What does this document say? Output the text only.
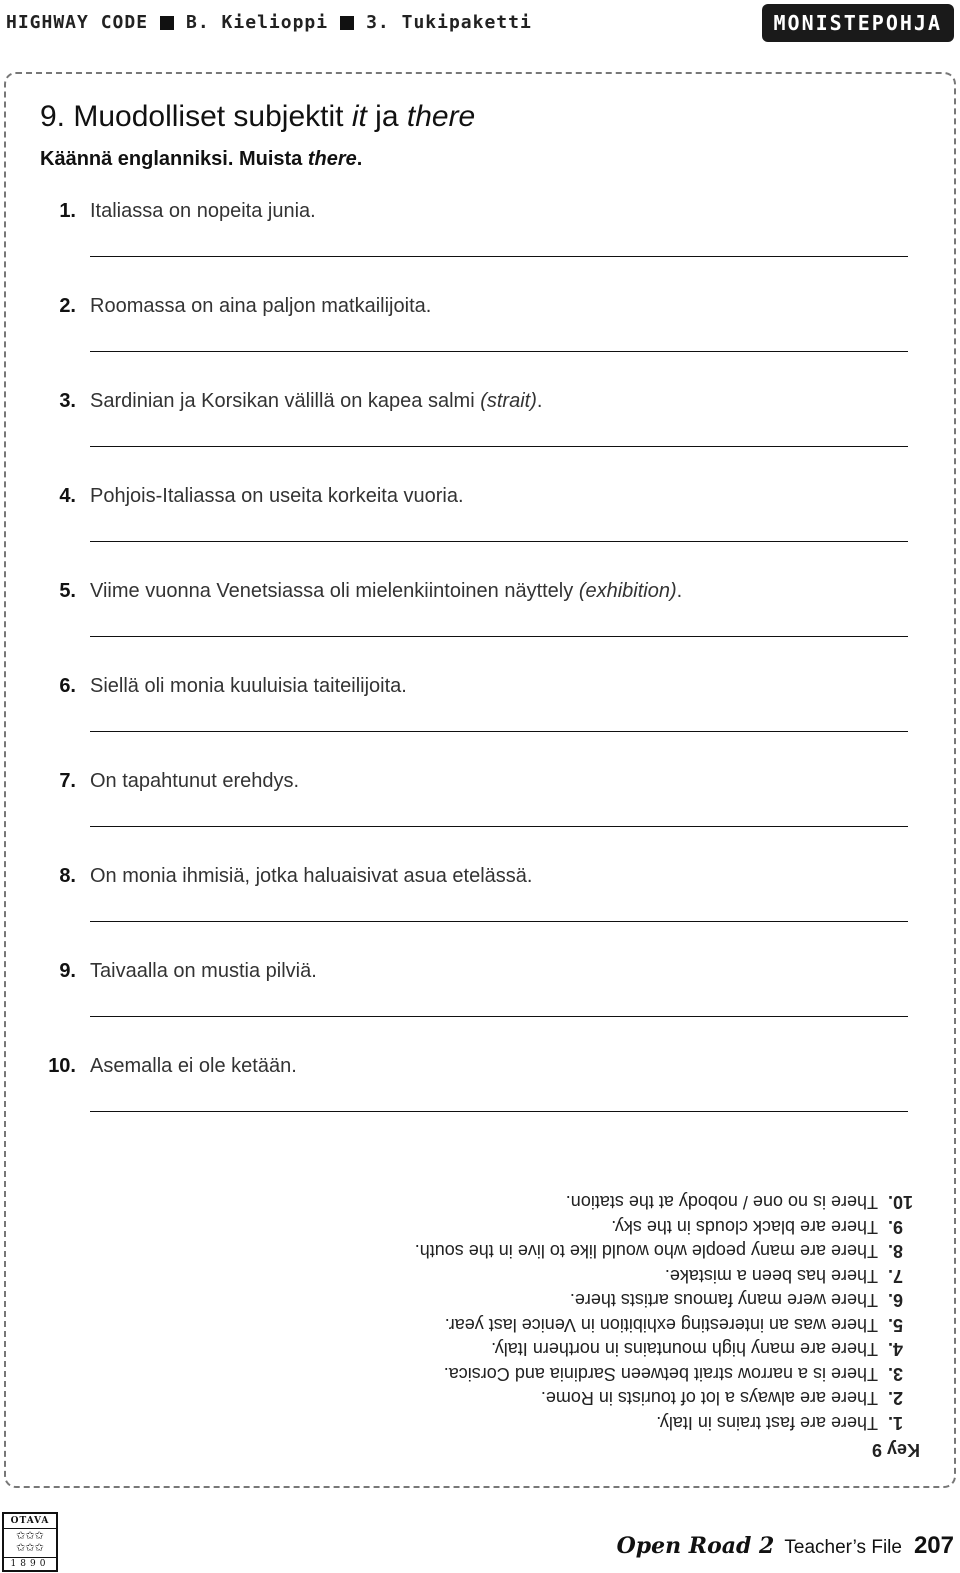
HIGHWAY CODE B. Kielioppi 3. Tukipaketti	MONISTEPOHJA
9. Muodolliset subjektit it ja there
Käännä englanniksi. Muista there.
1. Italiassa on nopeita junia.
2. Roomassa on aina paljon matkailijoita.
3. Sardinian ja Korsikan välillä on kapea salmi (strait).
4. Pohjois-Italiassa on useita korkeita vuoria.
5. Viime vuonna Venetsiassa oli mielenkiintoinen näyttely (exhibition).
6. Siellä oli monia kuuluisia taiteilijoita.
7. On tapahtunut erehdys.
8. On monia ihmisiä, jotka haluaisivat asua etelässä.
9. Taivaalla on mustia pilviä.
10. Asemalla ei ole ketään.
Key 9
1.
There are fast trains in Italy.
2.
There are always a lot of tourists in Rome.
3.
There is a narrow strait between Sardinia and Corsica.
4.
There are many high mountains in northern Italy.
5.
There was an interesting exhibition in Venice last year.
6.
There were many famous artists there.
7.
There has been a mistake.
8.
There are many people who would like to live in the south.
9.
There are black clouds in the sky.
10.
There is no one / nobody at the station.
OTAVA
✩✩✩
✩✩✩
1890
Open Road 2 Teacher’s File 207
